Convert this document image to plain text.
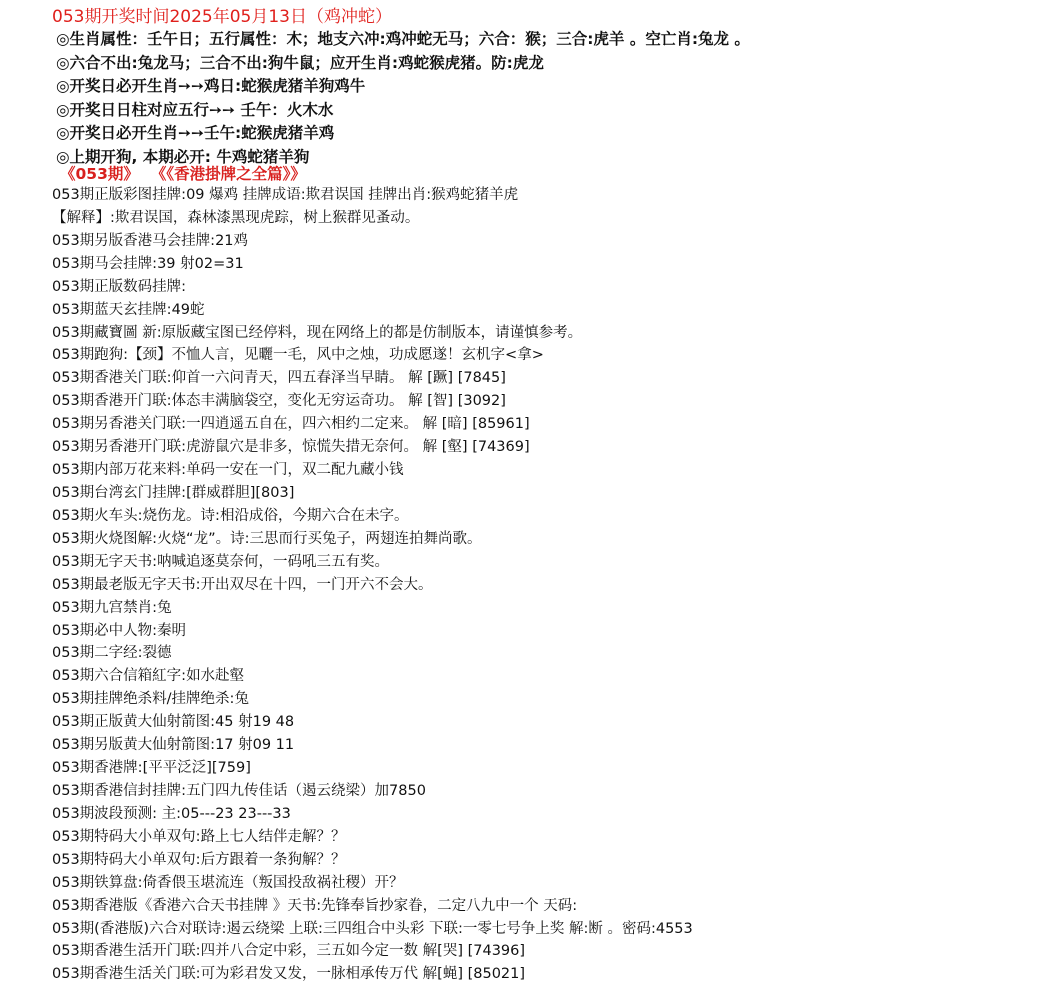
053期开奖时间2025年05月13日（鸡冲蛇）
◎生肖属性：壬午日；五行属性：木；地支六冲:鸡冲蛇无马；六合：猴；三合:虎羊 。空亡肖:兔龙 。
◎六合不出:兔龙马；三合不出:狗牛鼠；应开生肖:鸡蛇猴虎猪。防:虎龙
◎开奖日必开生肖➙➙鸡日:蛇猴虎猪羊狗鸡牛
◎开奖日日柱对应五行➙➙ 壬午：火木水
◎开奖日必开生肖➙➙壬午:蛇猴虎猪羊鸡
◎上期开狗, 本期必开: 牛鸡蛇猪羊狗
《053期》 《《香港掛牌之全篇》》
053期正版彩图挂牌:09 爆鸡 挂牌成语:欺君误国 挂牌出肖:猴鸡蛇猪羊虎
【解释】:欺君误国，森林漆黑现虎踪，树上猴群见蚤动。
053期另版香港马会挂牌:21鸡
053期马会挂牌:39 射02=31
053期正版数码挂牌:
053期蓝天玄挂牌:49蛇
053期藏寶圖 新:原版藏宝图已经停料，现在网络上的都是仿制版本，请谨慎参考。
053期跑狗:【颈】不恤人言，见曬一毛，风中之烛，功成愿遂！玄机字<拿>
053期香港关门联:仰首一六问青天，四五春泽当早睛。 解 [蹶] [7845]
053期香港开门联:体态丰满脑袋空，变化无穷运奇功。 解 [智] [3092]
053期另香港关门联:一四逍遥五自在，四六相约二定来。 解 [暗] [85961]
053期另香港开门联:虎游鼠穴是非多，惊慌失措无奈何。 解 [壑] [74369]
053期内部万花来料:单码一安在一门，双二配九藏小钱
053期台湾玄门挂牌:[群威群胆][803]
053期火车头:烧伤龙。诗:相沿成俗，今期六合在未字。
053期火烧图解:火烧“龙”。诗:三思而行买兔子，两翅连拍舞尚歌。
053期无字天书:呐喊追逐莫奈何，一码吼三五有奖。
053期最老版无字天书:开出双尽在十四，一门开六不会大。
053期九宫禁肖:兔
053期必中人物:秦明
053期二字经:裂德
053期六合信箱紅字:如水赴壑
053期挂牌绝杀料/挂牌绝杀:兔
053期正版黄大仙射箭图:45 射19 48
053期另版黄大仙射箭图:17 射09 11
053期香港牌:[平平泛泛][759]
053期香港信封挂牌:五门四九传佳话（遏云绕梁）加7850
053期波段预测: 主:05---23 23---33
053期特码大小单双句:路上七人结伴走解？？
053期特码大小单双句:后方跟着一条狗解？？
053期铁算盘:倚香偎玉堪流连（叛国投敌祸社稷）开？
053期香港版《香港六合天书挂牌 》天书:先锋奉旨抄家眷，二定八九中一个 天码:
053期(香港版)六合对联诗:遏云绕梁 上联:三四组合中头彩 下联:一零七号争上奖 解:断 。密码:4553
053期香港生活开门联:四并八合定中彩，三五如今定一数 解[哭] [74396]
053期香港生活关门联:可为彩君发又发，一脉相承传万代 解[蝇] [85021]
